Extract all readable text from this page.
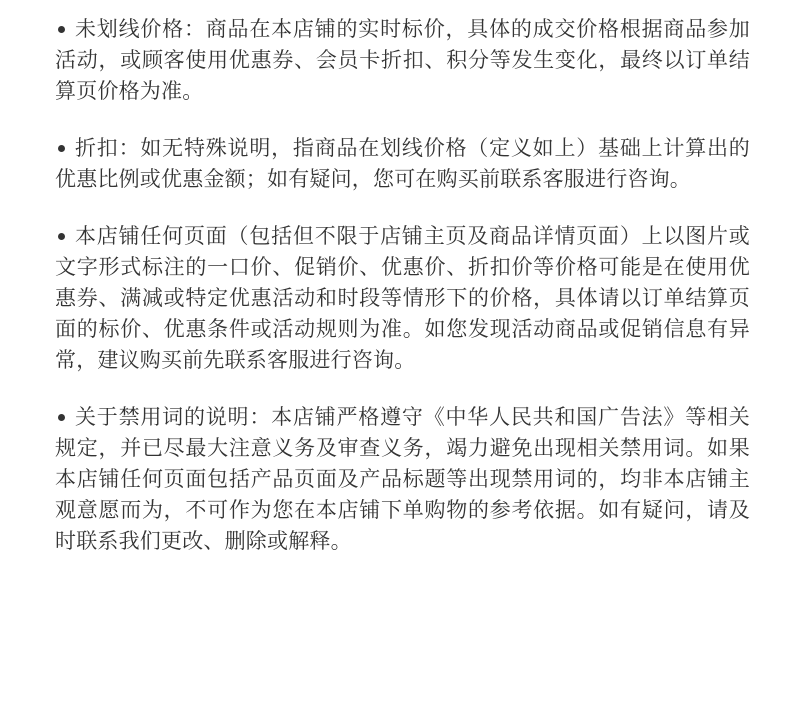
未划线价格：商品在本店铺的实时标价，具体的成交价格根据商品参加活动，或顾客使用优惠券、会员卡折扣、积分等发生变化，最终以订单结算页价格为准。
折扣：如无特殊说明，指商品在划线价格（定义如上）基础上计算出的优惠比例或优惠金额；如有疑问，您可在购买前联系客服进行咨询。
本店铺任何页面（包括但不限于店铺主页及商品详情页面）上以图片或文字形式标注的一口价、促销价、优惠价、折扣价等价格可能是在使用优惠券、满减或特定优惠活动和时段等情形下的价格，具体请以订单结算页面的标价、优惠条件或活动规则为准。如您发现活动商品或促销信息有异常，建议购买前先联系客服进行咨询。
关于禁用词的说明：本店铺严格遵守《中华人民共和国广告法》等相关规定，并已尽最大注意义务及审查义务，竭力避免出现相关禁用词。如果本店铺任何页面包括产品页面及产品标题等出现禁用词的，均非本店铺主观意愿而为，不可作为您在本店铺下单购物的参考依据。如有疑问，请及时联系我们更改、删除或解释。
